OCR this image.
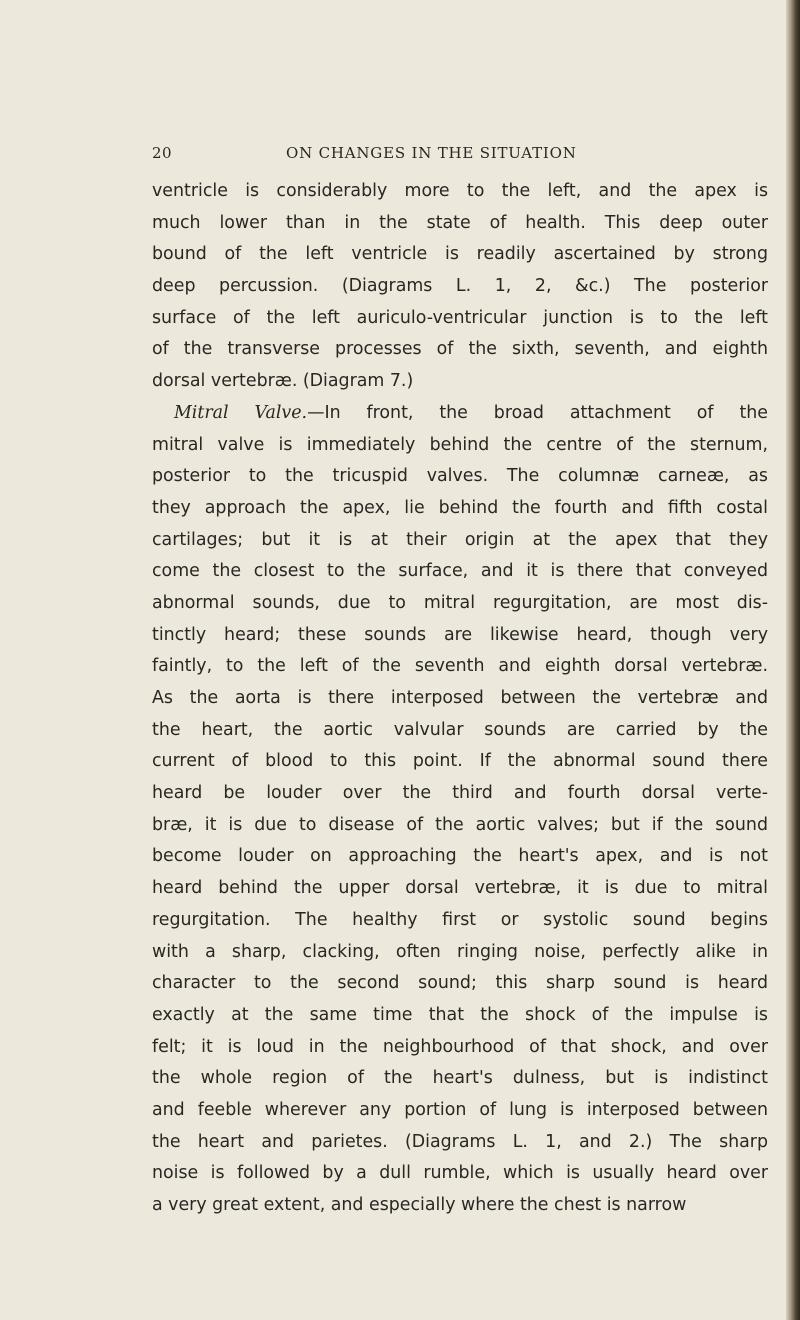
20	ON CHANGES IN THE SITUATION
ventricle is considerably more to the left, and the apex is
much lower than in the state of health. This deep outer
bound of the left ventricle is readily ascertained by strong
deep percussion. (Diagrams L. 1, 2, &c.) The posterior
surface of the left auriculo-ventricular junction is to the left
of the transverse processes of the sixth, seventh, and eighth
dorsal vertebræ. (Diagram 7.)
Mitral Valve.—In front, the broad attachment of the
mitral valve is immediately behind the centre of the sternum,
posterior to the tricuspid valves. The columnæ carneæ, as
they approach the apex, lie behind the fourth and fifth costal
cartilages; but it is at their origin at the apex that they
come the closest to the surface, and it is there that conveyed
abnormal sounds, due to mitral regurgitation, are most dis-
tinctly heard; these sounds are likewise heard, though very
faintly, to the left of the seventh and eighth dorsal vertebræ.
As the aorta is there interposed between the vertebræ and
the heart, the aortic valvular sounds are carried by the
current of blood to this point. If the abnormal sound there
heard be louder over the third and fourth dorsal verte-
bræ, it is due to disease of the aortic valves; but if the sound
become louder on approaching the heart's apex, and is not
heard behind the upper dorsal vertebræ, it is due to mitral
regurgitation. The healthy first or systolic sound begins
with a sharp, clacking, often ringing noise, perfectly alike in
character to the second sound; this sharp sound is heard
exactly at the same time that the shock of the impulse is
felt; it is loud in the neighbourhood of that shock, and over
the whole region of the heart's dulness, but is indistinct
and feeble wherever any portion of lung is interposed between
the heart and parietes. (Diagrams L. 1, and 2.) The sharp
noise is followed by a dull rumble, which is usually heard over
a very great extent, and especially where the chest is narrow
